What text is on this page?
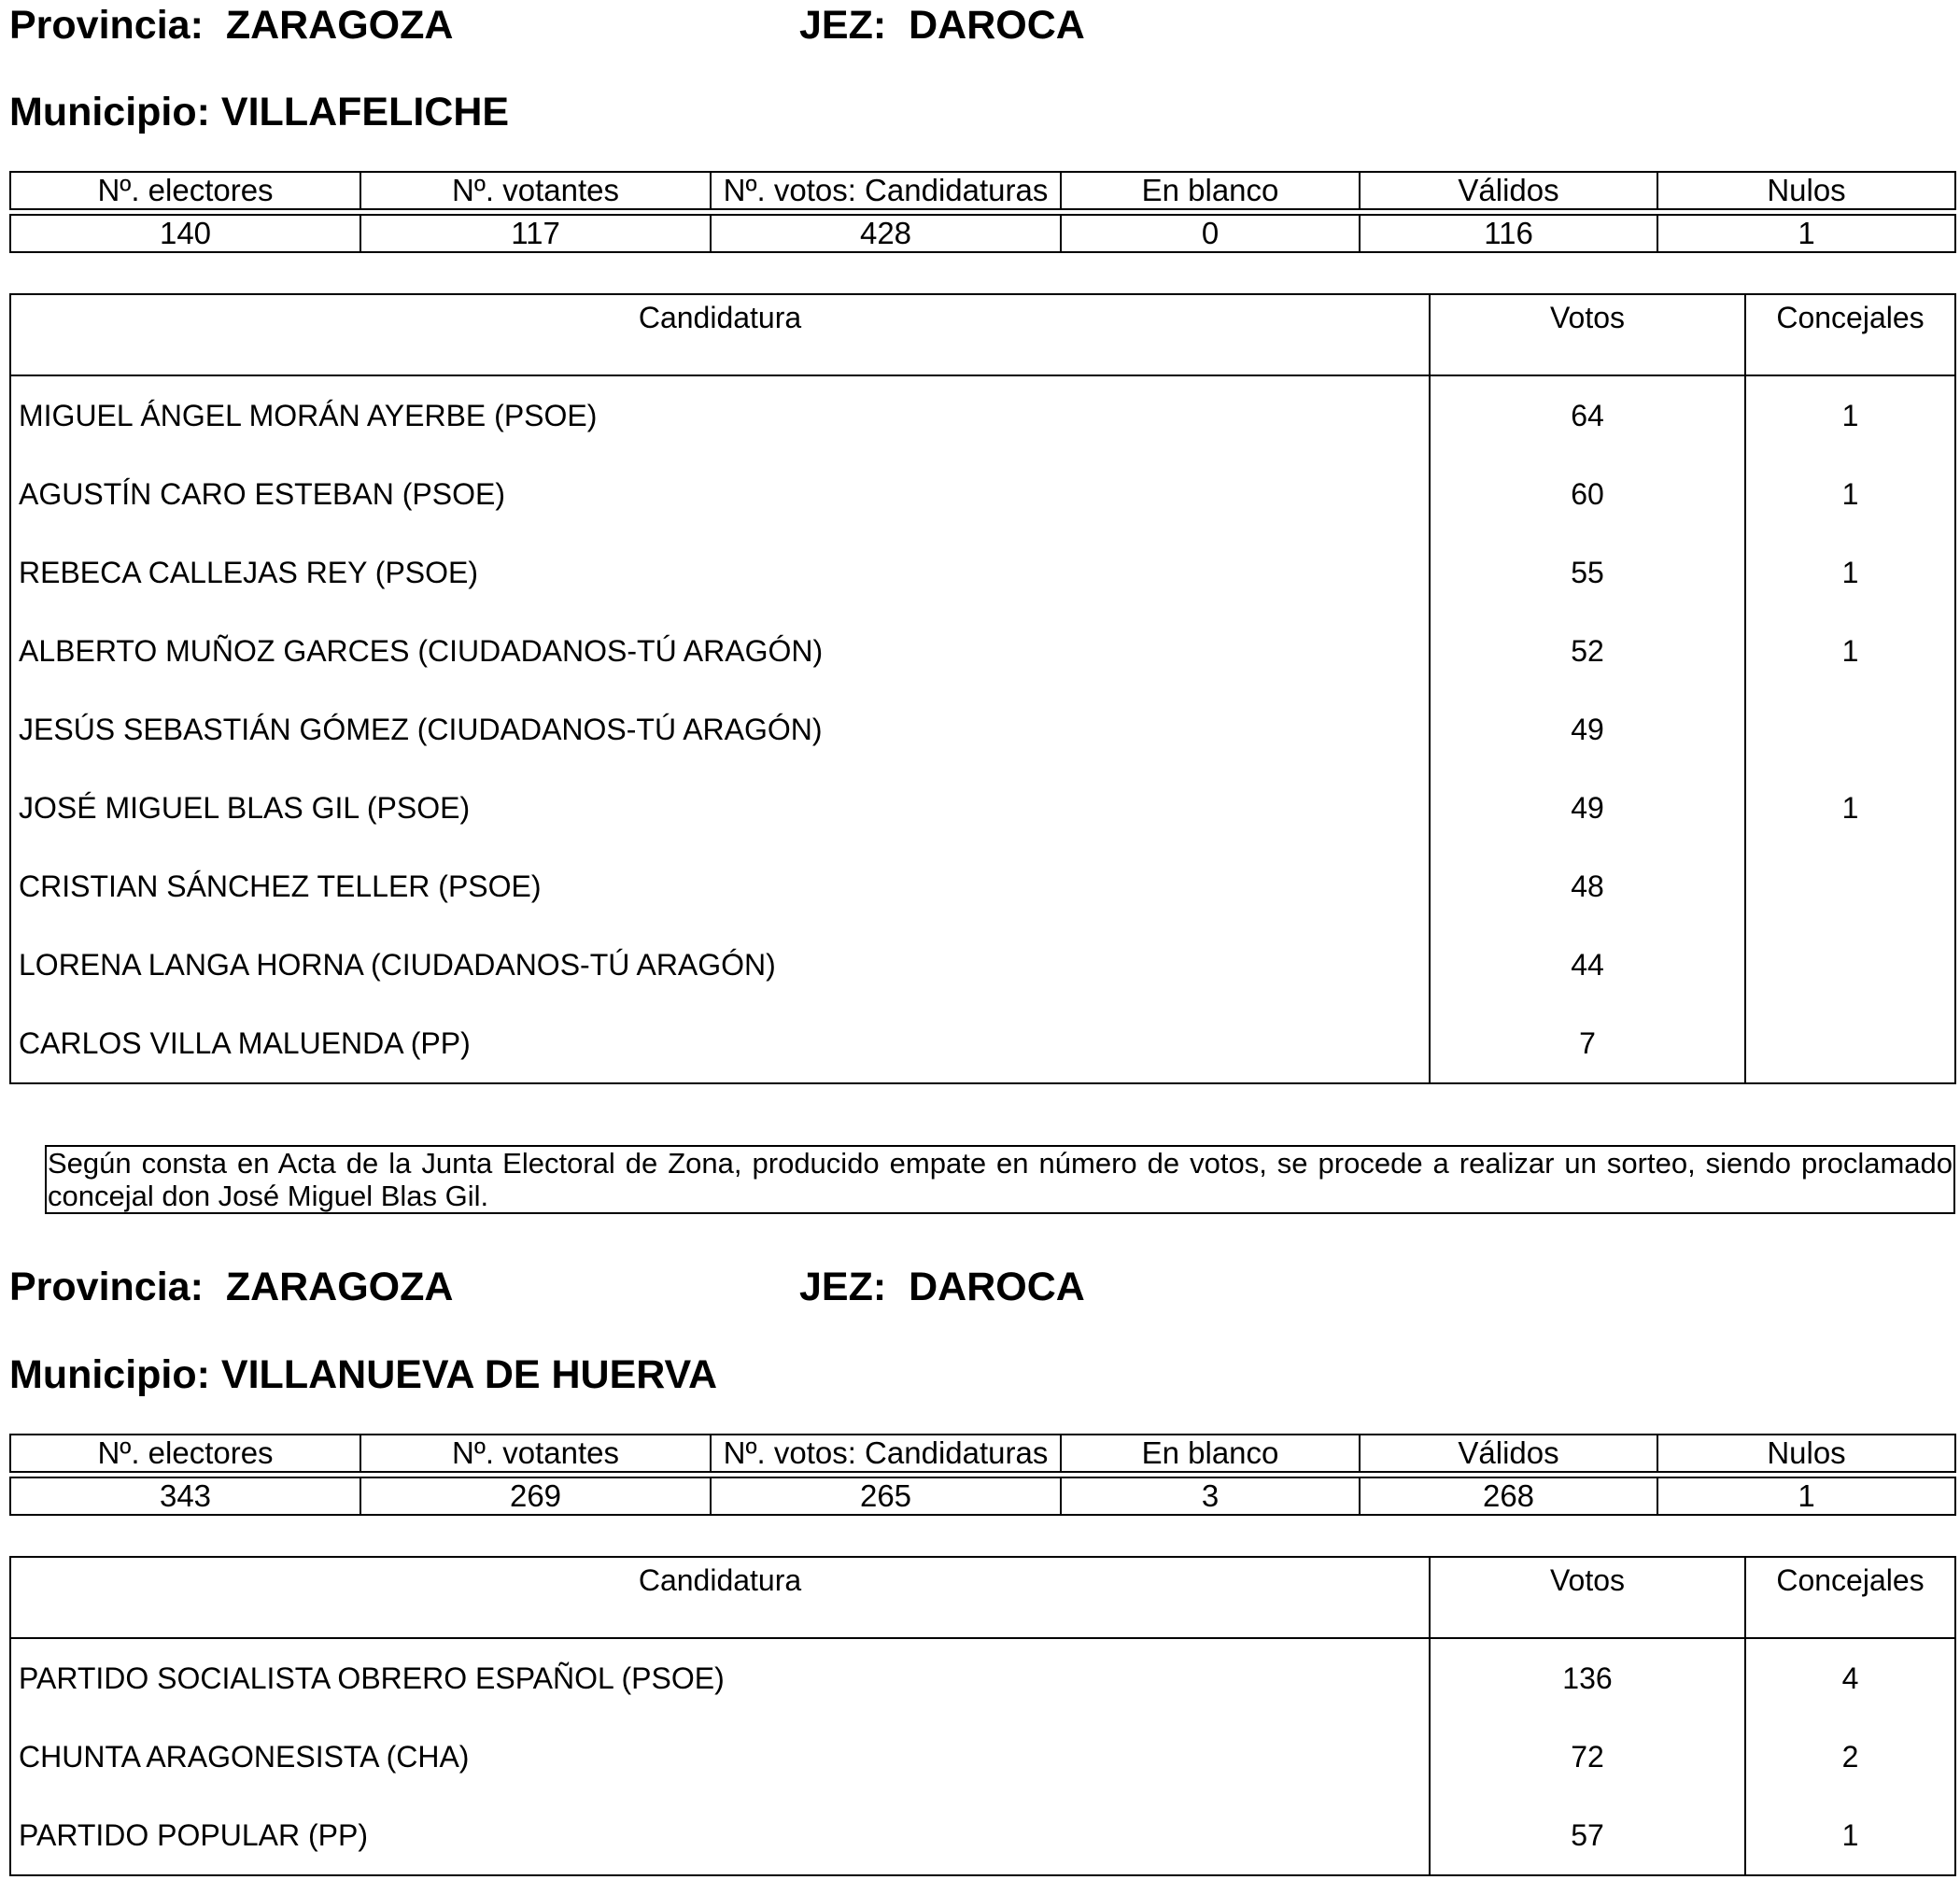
Provincia: ZARAGOZA	JEZ: DAROCA
Municipio: VILLAFELICHE
Nº. electores	Nº. votantes	Nº. votos: Candidaturas	En blanco	Válidos	Nulos

140	117	428	0	116	1
Candidatura	Votos	Concejales
MIGUEL ÁNGEL MORÁN AYERBE (PSOE)	64	1
AGUSTÍN CARO ESTEBAN (PSOE)	60	1
REBECA CALLEJAS REY (PSOE)	55	1
ALBERTO MUÑOZ GARCES (CIUDADANOS-TÚ ARAGÓN)	52	1
JESÚS SEBASTIÁN GÓMEZ (CIUDADANOS-TÚ ARAGÓN)	49	
JOSÉ MIGUEL BLAS GIL (PSOE)	49	1
CRISTIAN SÁNCHEZ TELLER (PSOE)	48	
LORENA LANGA HORNA (CIUDADANOS-TÚ ARAGÓN)	44	
CARLOS VILLA MALUENDA (PP)	7	
Según consta en Acta de la Junta Electoral de Zona, producido empate en número de votos, se procede a realizar un sorteo, siendo proclamado concejal don José Miguel Blas Gil.
Provincia: ZARAGOZA	JEZ: DAROCA
Municipio: VILLANUEVA DE HUERVA
Nº. electores	Nº. votantes	Nº. votos: Candidaturas	En blanco	Válidos	Nulos

343	269	265	3	268	1
Candidatura	Votos	Concejales
PARTIDO SOCIALISTA OBRERO ESPAÑOL (PSOE)	136	4
CHUNTA ARAGONESISTA (CHA)	72	2
PARTIDO POPULAR (PP)	57	1
